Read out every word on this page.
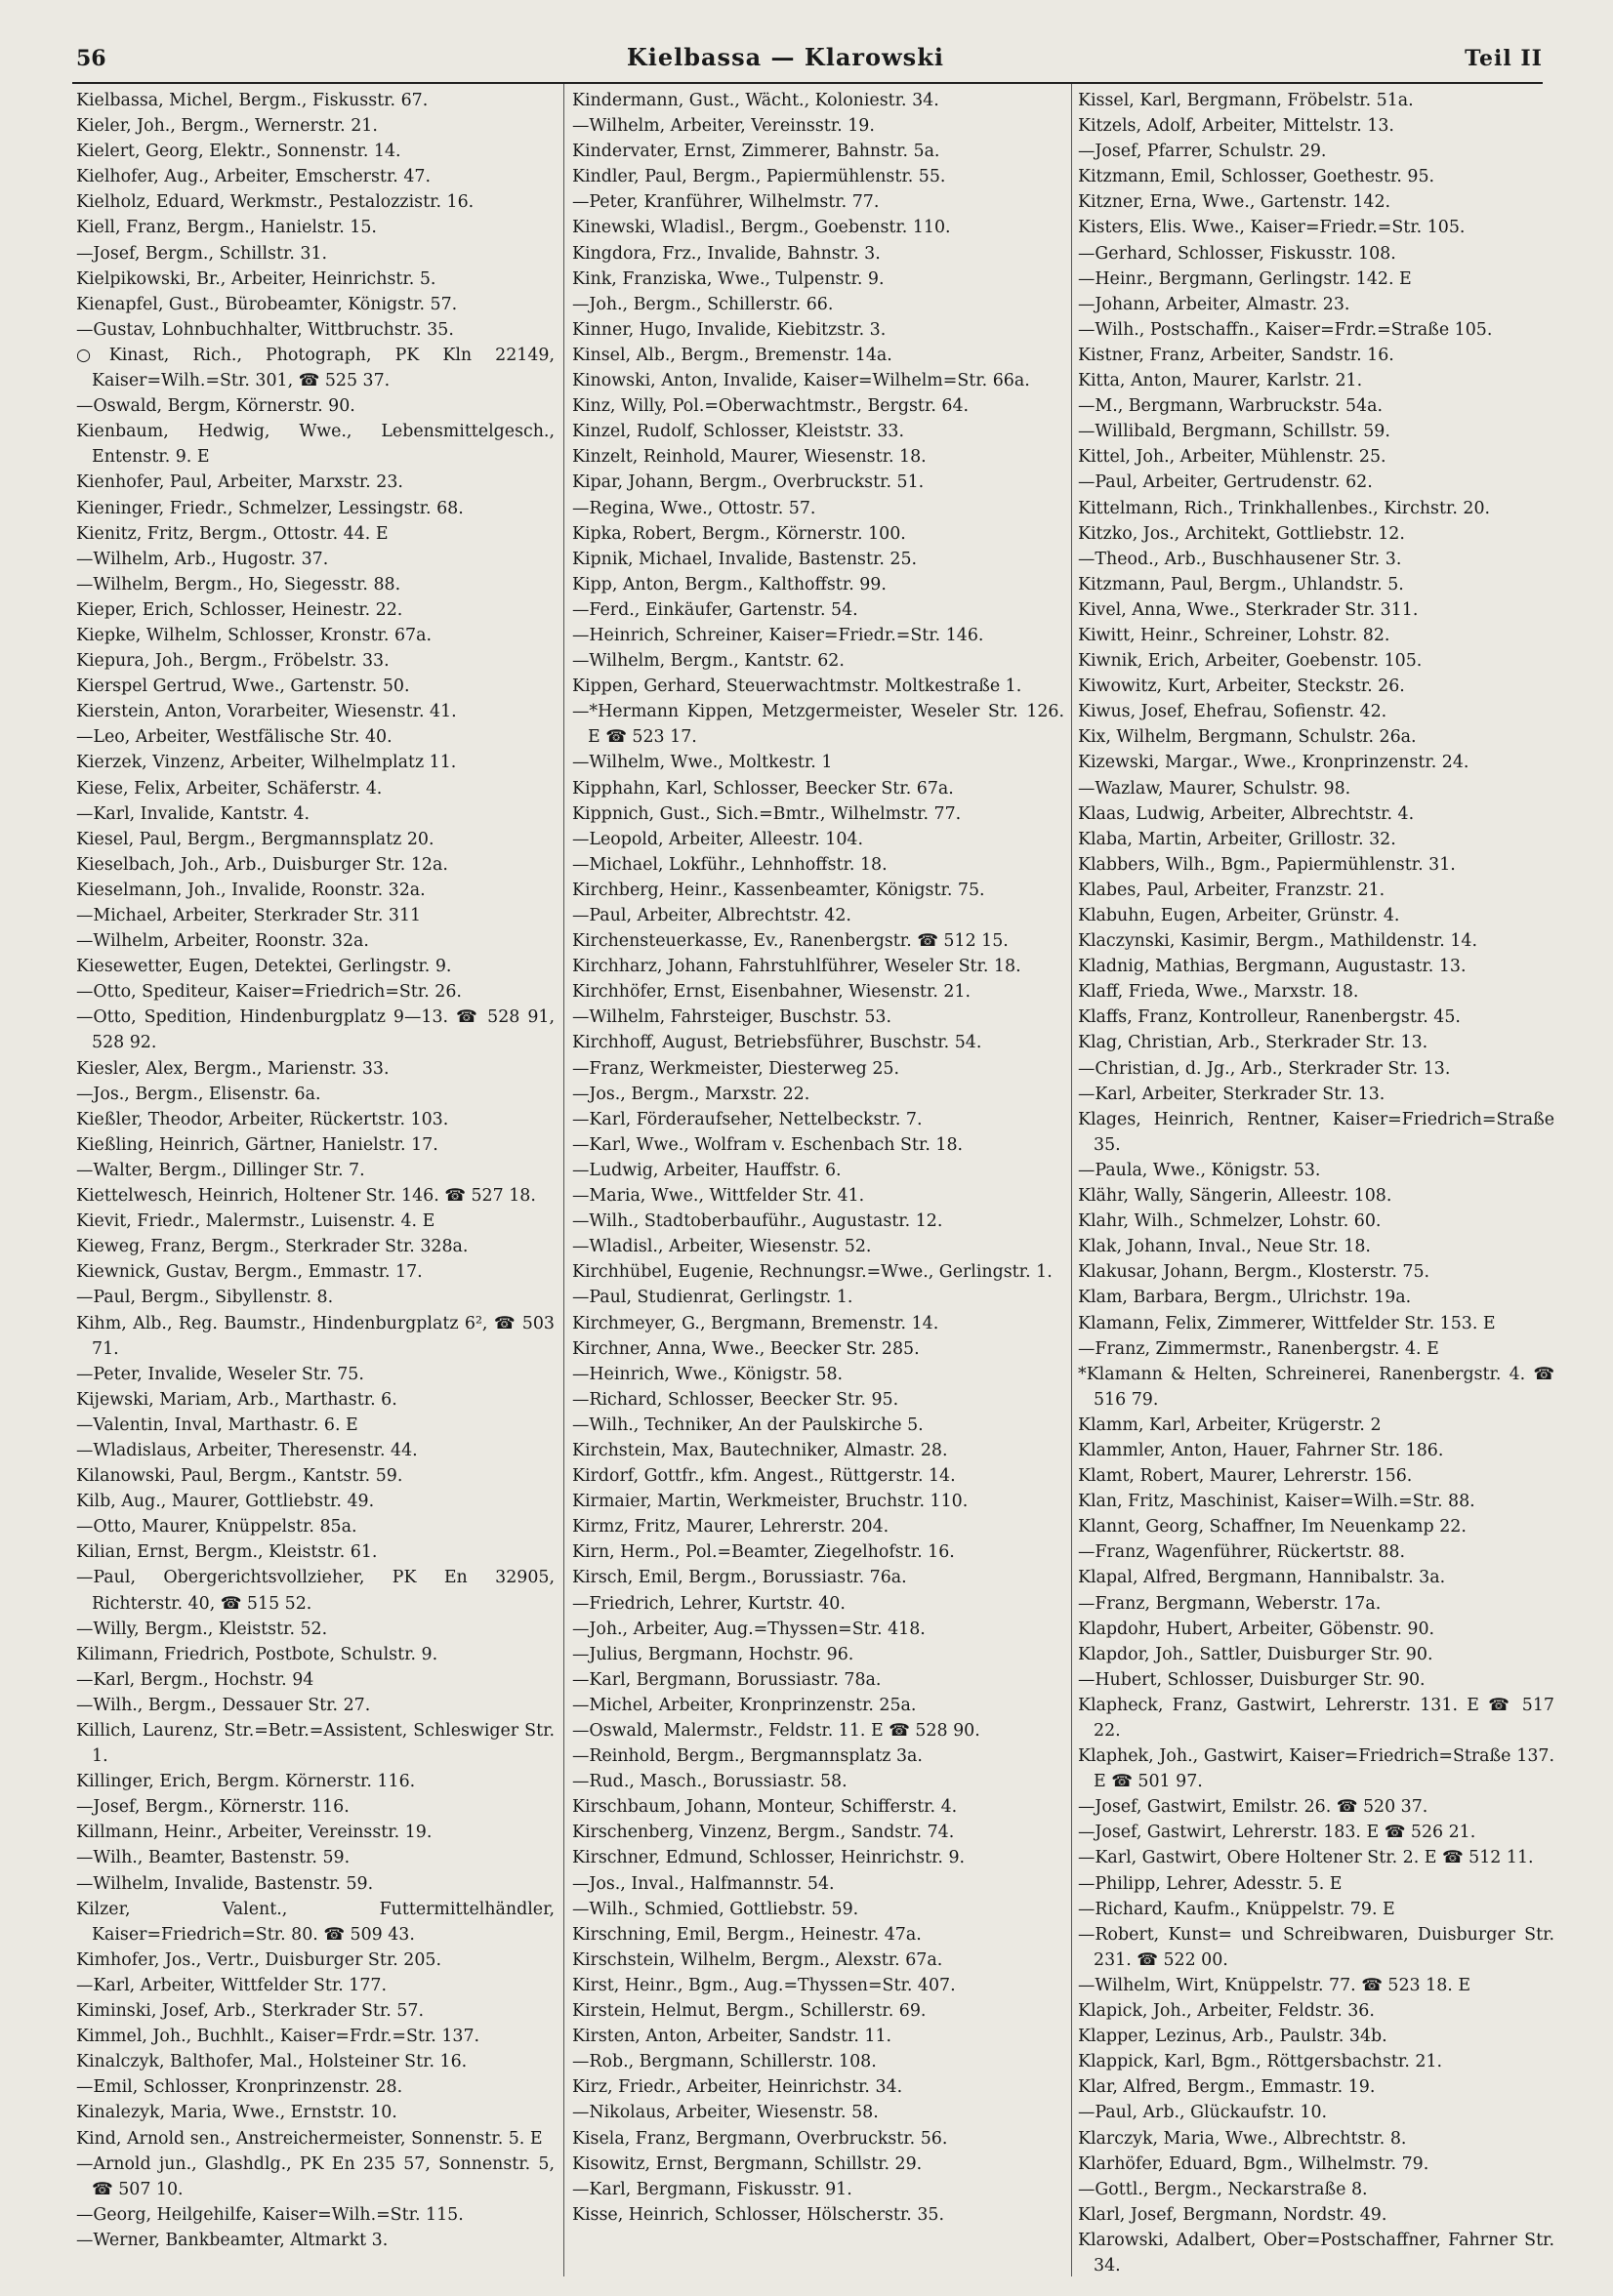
56	Kielbassa — Klarowski	Teil II

Kielbassa, Michel, Bergm., Fiskusstr. 67.

Kieler, Joh., Bergm., Wernerstr. 21.

Kielert, Georg, Elektr., Sonnenstr. 14.

Kielhofer, Aug., Arbeiter, Emscherstr. 47.

Kielholz, Eduard, Werkmstr., Pestalozzistr. 16.

Kiell, Franz, Bergm., Hanielstr. 15.

—Josef, Bergm., Schillstr. 31.

Kielpikowski, Br., Arbeiter, Heinrichstr. 5.

Kienapfel, Gust., Bürobeamter, Königstr. 57.

—Gustav, Lohnbuchhalter, Wittbruchstr. 35.

○Kinast, Rich., Photograph, PK Kln 22149, Kaiser=Wilh.=Str. 301, ☎ 525 37.

—Oswald, Bergm, Körnerstr. 90.

Kienbaum, Hedwig, Wwe., Lebensmittelgesch., Entenstr. 9. E

Kienhofer, Paul, Arbeiter, Marxstr. 23.

Kieninger, Friedr., Schmelzer, Lessingstr. 68.

Kienitz, Fritz, Bergm., Ottostr. 44. E

—Wilhelm, Arb., Hugostr. 37.

—Wilhelm, Bergm., Ho, Siegesstr. 88.

Kieper, Erich, Schlosser, Heinestr. 22.

Kiepke, Wilhelm, Schlosser, Kronstr. 67a.

Kiepura, Joh., Bergm., Fröbelstr. 33.

Kierspel Gertrud, Wwe., Gartenstr. 50.

Kierstein, Anton, Vorarbeiter, Wiesenstr. 41.

—Leo, Arbeiter, Westfälische Str. 40.

Kierzek, Vinzenz, Arbeiter, Wilhelmplatz 11.

Kiese, Felix, Arbeiter, Schäferstr. 4.

—Karl, Invalide, Kantstr. 4.

Kiesel, Paul, Bergm., Bergmannsplatz 20.

Kieselbach, Joh., Arb., Duisburger Str. 12a.

Kieselmann, Joh., Invalide, Roonstr. 32a.

—Michael, Arbeiter, Sterkrader Str. 311

—Wilhelm, Arbeiter, Roonstr. 32a.

Kiesewetter, Eugen, Detektei, Gerlingstr. 9.

—Otto, Spediteur, Kaiser=Friedrich=Str. 26.

—Otto, Spedition, Hindenburgplatz 9—13. ☎ 528 91, 528 92.

Kiesler, Alex, Bergm., Marienstr. 33.

—Jos., Bergm., Elisenstr. 6a.

Kießler, Theodor, Arbeiter, Rückertstr. 103.

Kießling, Heinrich, Gärtner, Hanielstr. 17.

—Walter, Bergm., Dillinger Str. 7.

Kiettelwesch, Heinrich, Holtener Str. 146. ☎ 527 18.

Kievit, Friedr., Malermstr., Luisenstr. 4. E

Kieweg, Franz, Bergm., Sterkrader Str. 328a.

Kiewnick, Gustav, Bergm., Emmastr. 17.

—Paul, Bergm., Sibyllenstr. 8.

Kihm, Alb., Reg. Baumstr., Hindenburgplatz 6², ☎ 503 71.

—Peter, Invalide, Weseler Str. 75.

Kijewski, Mariam, Arb., Marthastr. 6.

—Valentin, Inval, Marthastr. 6. E

—Wladislaus, Arbeiter, Theresenstr. 44.

Kilanowski, Paul, Bergm., Kantstr. 59.

Kilb, Aug., Maurer, Gottliebstr. 49.

—Otto, Maurer, Knüppelstr. 85a.

Kilian, Ernst, Bergm., Kleiststr. 61.

—Paul, Obergerichtsvollzieher, PK En 32905, Richterstr. 40, ☎ 515 52.

—Willy, Bergm., Kleiststr. 52.

Kilimann, Friedrich, Postbote, Schulstr. 9.

—Karl, Bergm., Hochstr. 94

—Wilh., Bergm., Dessauer Str. 27.

Killich, Laurenz, Str.=Betr.=Assistent, Schleswiger Str. 1.

Killinger, Erich, Bergm. Körnerstr. 116.

—Josef, Bergm., Körnerstr. 116.

Killmann, Heinr., Arbeiter, Vereinsstr. 19.

—Wilh., Beamter, Bastenstr. 59.

—Wilhelm, Invalide, Bastenstr. 59.

Kilzer, Valent., Futtermittelhändler, Kaiser=Friedrich=Str. 80. ☎ 509 43.

Kimhofer, Jos., Vertr., Duisburger Str. 205.

—Karl, Arbeiter, Wittfelder Str. 177.

Kiminski, Josef, Arb., Sterkrader Str. 57.

Kimmel, Joh., Buchhlt., Kaiser=Frdr.=Str. 137.

Kinalczyk, Balthofer, Mal., Holsteiner Str. 16.

—Emil, Schlosser, Kronprinzenstr. 28.

Kinalezyk, Maria, Wwe., Ernststr. 10.

Kind, Arnold sen., Anstreichermeister, Sonnenstr. 5. E

—Arnold jun., Glashdlg., PK En 235 57, Sonnenstr. 5, ☎ 507 10.

—Georg, Heilgehilfe, Kaiser=Wilh.=Str. 115.

—Werner, Bankbeamter, Altmarkt 3.

Kindermann, Gust., Wächt., Koloniestr. 34.

—Wilhelm, Arbeiter, Vereinsstr. 19.

Kindervater, Ernst, Zimmerer, Bahnstr. 5a.

Kindler, Paul, Bergm., Papiermühlenstr. 55.

—Peter, Kranführer, Wilhelmstr. 77.

Kinewski, Wladisl., Bergm., Goebenstr. 110.

Kingdora, Frz., Invalide, Bahnstr. 3.

Kink, Franziska, Wwe., Tulpenstr. 9.

—Joh., Bergm., Schillerstr. 66.

Kinner, Hugo, Invalide, Kiebitzstr. 3.

Kinsel, Alb., Bergm., Bremenstr. 14a.

Kinowski, Anton, Invalide, Kaiser=Wilhelm=Str. 66a.

Kinz, Willy, Pol.=Oberwachtmstr., Bergstr. 64.

Kinzel, Rudolf, Schlosser, Kleiststr. 33.

Kinzelt, Reinhold, Maurer, Wiesenstr. 18.

Kipar, Johann, Bergm., Overbruckstr. 51.

—Regina, Wwe., Ottostr. 57.

Kipka, Robert, Bergm., Körnerstr. 100.

Kipnik, Michael, Invalide, Bastenstr. 25.

Kipp, Anton, Bergm., Kalthoffstr. 99.

—Ferd., Einkäufer, Gartenstr. 54.

—Heinrich, Schreiner, Kaiser=Friedr.=Str. 146.

—Wilhelm, Bergm., Kantstr. 62.

Kippen, Gerhard, Steuerwachtmstr. Moltkestraße 1.

—*Hermann Kippen, Metzgermeister, Weseler Str. 126. E ☎ 523 17.

—Wilhelm, Wwe., Moltkestr. 1

Kipphahn, Karl, Schlosser, Beecker Str. 67a.

Kippnich, Gust., Sich.=Bmtr., Wilhelmstr. 77.

—Leopold, Arbeiter, Alleestr. 104.

—Michael, Lokführ., Lehnhoffstr. 18.

Kirchberg, Heinr., Kassenbeamter, Königstr. 75.

—Paul, Arbeiter, Albrechtstr. 42.

Kirchensteuerkasse, Ev., Ranenbergstr. ☎ 512 15.

Kirchharz, Johann, Fahrstuhlführer, Weseler Str. 18.

Kirchhöfer, Ernst, Eisenbahner, Wiesenstr. 21.

—Wilhelm, Fahrsteiger, Buschstr. 53.

Kirchhoff, August, Betriebsführer, Buschstr. 54.

—Franz, Werkmeister, Diesterweg 25.

—Jos., Bergm., Marxstr. 22.

—Karl, Förderaufseher, Nettelbeckstr. 7.

—Karl, Wwe., Wolfram v. Eschenbach Str. 18.

—Ludwig, Arbeiter, Hauffstr. 6.

—Maria, Wwe., Wittfelder Str. 41.

—Wilh., Stadtoberbauführ., Augustastr. 12.

—Wladisl., Arbeiter, Wiesenstr. 52.

Kirchhübel, Eugenie, Rechnungsr.=Wwe., Gerlingstr. 1.

—Paul, Studienrat, Gerlingstr. 1.

Kirchmeyer, G., Bergmann, Bremenstr. 14.

Kirchner, Anna, Wwe., Beecker Str. 285.

—Heinrich, Wwe., Königstr. 58.

—Richard, Schlosser, Beecker Str. 95.

—Wilh., Techniker, An der Paulskirche 5.

Kirchstein, Max, Bautechniker, Almastr. 28.

Kirdorf, Gottfr., kfm. Angest., Rüttgerstr. 14.

Kirmaier, Martin, Werkmeister, Bruchstr. 110.

Kirmz, Fritz, Maurer, Lehrerstr. 204.

Kirn, Herm., Pol.=Beamter, Ziegelhofstr. 16.

Kirsch, Emil, Bergm., Borussiastr. 76a.

—Friedrich, Lehrer, Kurtstr. 40.

—Joh., Arbeiter, Aug.=Thyssen=Str. 418.

—Julius, Bergmann, Hochstr. 96.

—Karl, Bergmann, Borussiastr. 78a.

—Michel, Arbeiter, Kronprinzenstr. 25a.

—Oswald, Malermstr., Feldstr. 11. E ☎ 528 90.

—Reinhold, Bergm., Bergmannsplatz 3a.

—Rud., Masch., Borussiastr. 58.

Kirschbaum, Johann, Monteur, Schifferstr. 4.

Kirschenberg, Vinzenz, Bergm., Sandstr. 74.

Kirschner, Edmund, Schlosser, Heinrichstr. 9.

—Jos., Inval., Halfmannstr. 54.

—Wilh., Schmied, Gottliebstr. 59.

Kirschning, Emil, Bergm., Heinestr. 47a.

Kirschstein, Wilhelm, Bergm., Alexstr. 67a.

Kirst, Heinr., Bgm., Aug.=Thyssen=Str. 407.

Kirstein, Helmut, Bergm., Schillerstr. 69.

Kirsten, Anton, Arbeiter, Sandstr. 11.

—Rob., Bergmann, Schillerstr. 108.

Kirz, Friedr., Arbeiter, Heinrichstr. 34.

—Nikolaus, Arbeiter, Wiesenstr. 58.

Kisela, Franz, Bergmann, Overbruckstr. 56.

Kisowitz, Ernst, Bergmann, Schillstr. 29.

—Karl, Bergmann, Fiskusstr. 91.

Kisse, Heinrich, Schlosser, Hölscherstr. 35.

Kissel, Karl, Bergmann, Fröbelstr. 51a.

Kitzels, Adolf, Arbeiter, Mittelstr. 13.

—Josef, Pfarrer, Schulstr. 29.

Kitzmann, Emil, Schlosser, Goethestr. 95.

Kitzner, Erna, Wwe., Gartenstr. 142.

Kisters, Elis. Wwe., Kaiser=Friedr.=Str. 105.

—Gerhard, Schlosser, Fiskusstr. 108.

—Heinr., Bergmann, Gerlingstr. 142. E

—Johann, Arbeiter, Almastr. 23.

—Wilh., Postschaffn., Kaiser=Frdr.=Straße 105.

Kistner, Franz, Arbeiter, Sandstr. 16.

Kitta, Anton, Maurer, Karlstr. 21.

—M., Bergmann, Warbruckstr. 54a.

—Willibald, Bergmann, Schillstr. 59.

Kittel, Joh., Arbeiter, Mühlenstr. 25.

—Paul, Arbeiter, Gertrudenstr. 62.

Kittelmann, Rich., Trinkhallenbes., Kirchstr. 20.

Kitzko, Jos., Architekt, Gottliebstr. 12.

—Theod., Arb., Buschhausener Str. 3.

Kitzmann, Paul, Bergm., Uhlandstr. 5.

Kivel, Anna, Wwe., Sterkrader Str. 311.

Kiwitt, Heinr., Schreiner, Lohstr. 82.

Kiwnik, Erich, Arbeiter, Goebenstr. 105.

Kiwowitz, Kurt, Arbeiter, Steckstr. 26.

Kiwus, Josef, Ehefrau, Sofienstr. 42.

Kix, Wilhelm, Bergmann, Schulstr. 26a.

Kizewski, Margar., Wwe., Kronprinzenstr. 24.

—Wazlaw, Maurer, Schulstr. 98.

Klaas, Ludwig, Arbeiter, Albrechtstr. 4.

Klaba, Martin, Arbeiter, Grillostr. 32.

Klabbers, Wilh., Bgm., Papiermühlenstr. 31.

Klabes, Paul, Arbeiter, Franzstr. 21.

Klabuhn, Eugen, Arbeiter, Grünstr. 4.

Klaczynski, Kasimir, Bergm., Mathildenstr. 14.

Kladnig, Mathias, Bergmann, Augustastr. 13.

Klaff, Frieda, Wwe., Marxstr. 18.

Klaffs, Franz, Kontrolleur, Ranenbergstr. 45.

Klag, Christian, Arb., Sterkrader Str. 13.

—Christian, d. Jg., Arb., Sterkrader Str. 13.

—Karl, Arbeiter, Sterkrader Str. 13.

Klages, Heinrich, Rentner, Kaiser=Friedrich=Straße 35.

—Paula, Wwe., Königstr. 53.

Klähr, Wally, Sängerin, Alleestr. 108.

Klahr, Wilh., Schmelzer, Lohstr. 60.

Klak, Johann, Inval., Neue Str. 18.

Klakusar, Johann, Bergm., Klosterstr. 75.

Klam, Barbara, Bergm., Ulrichstr. 19a.

Klamann, Felix, Zimmerer, Wittfelder Str. 153. E

—Franz, Zimmermstr., Ranenbergstr. 4. E

*Klamann & Helten, Schreinerei, Ranenbergstr. 4. ☎ 516 79.

Klamm, Karl, Arbeiter, Krügerstr. 2

Klammler, Anton, Hauer, Fahrner Str. 186.

Klamt, Robert, Maurer, Lehrerstr. 156.

Klan, Fritz, Maschinist, Kaiser=Wilh.=Str. 88.

Klannt, Georg, Schaffner, Im Neuenkamp 22.

—Franz, Wagenführer, Rückertstr. 88.

Klapal, Alfred, Bergmann, Hannibalstr. 3a.

—Franz, Bergmann, Weberstr. 17a.

Klapdohr, Hubert, Arbeiter, Göbenstr. 90.

Klapdor, Joh., Sattler, Duisburger Str. 90.

—Hubert, Schlosser, Duisburger Str. 90.

Klapheck, Franz, Gastwirt, Lehrerstr. 131. E ☎ 517 22.

Klaphek, Joh., Gastwirt, Kaiser=Friedrich=Straße 137. E ☎ 501 97.

—Josef, Gastwirt, Emilstr. 26. ☎ 520 37.

—Josef, Gastwirt, Lehrerstr. 183. E ☎ 526 21.

—Karl, Gastwirt, Obere Holtener Str. 2. E ☎ 512 11.

—Philipp, Lehrer, Adesstr. 5. E

—Richard, Kaufm., Knüppelstr. 79. E

—Robert, Kunst= und Schreibwaren, Duisburger Str. 231. ☎ 522 00.

—Wilhelm, Wirt, Knüppelstr. 77. ☎ 523 18. E

Klapick, Joh., Arbeiter, Feldstr. 36.

Klapper, Lezinus, Arb., Paulstr. 34b.

Klappick, Karl, Bgm., Röttgersbachstr. 21.

Klar, Alfred, Bergm., Emmastr. 19.

—Paul, Arb., Glückaufstr. 10.

Klarczyk, Maria, Wwe., Albrechtstr. 8.

Klarhöfer, Eduard, Bgm., Wilhelmstr. 79.

—Gottl., Bergm., Neckarstraße 8.

Klarl, Josef, Bergmann, Nordstr. 49.

Klarowski, Adalbert, Ober=Postschaffner, Fahrner Str. 34.
